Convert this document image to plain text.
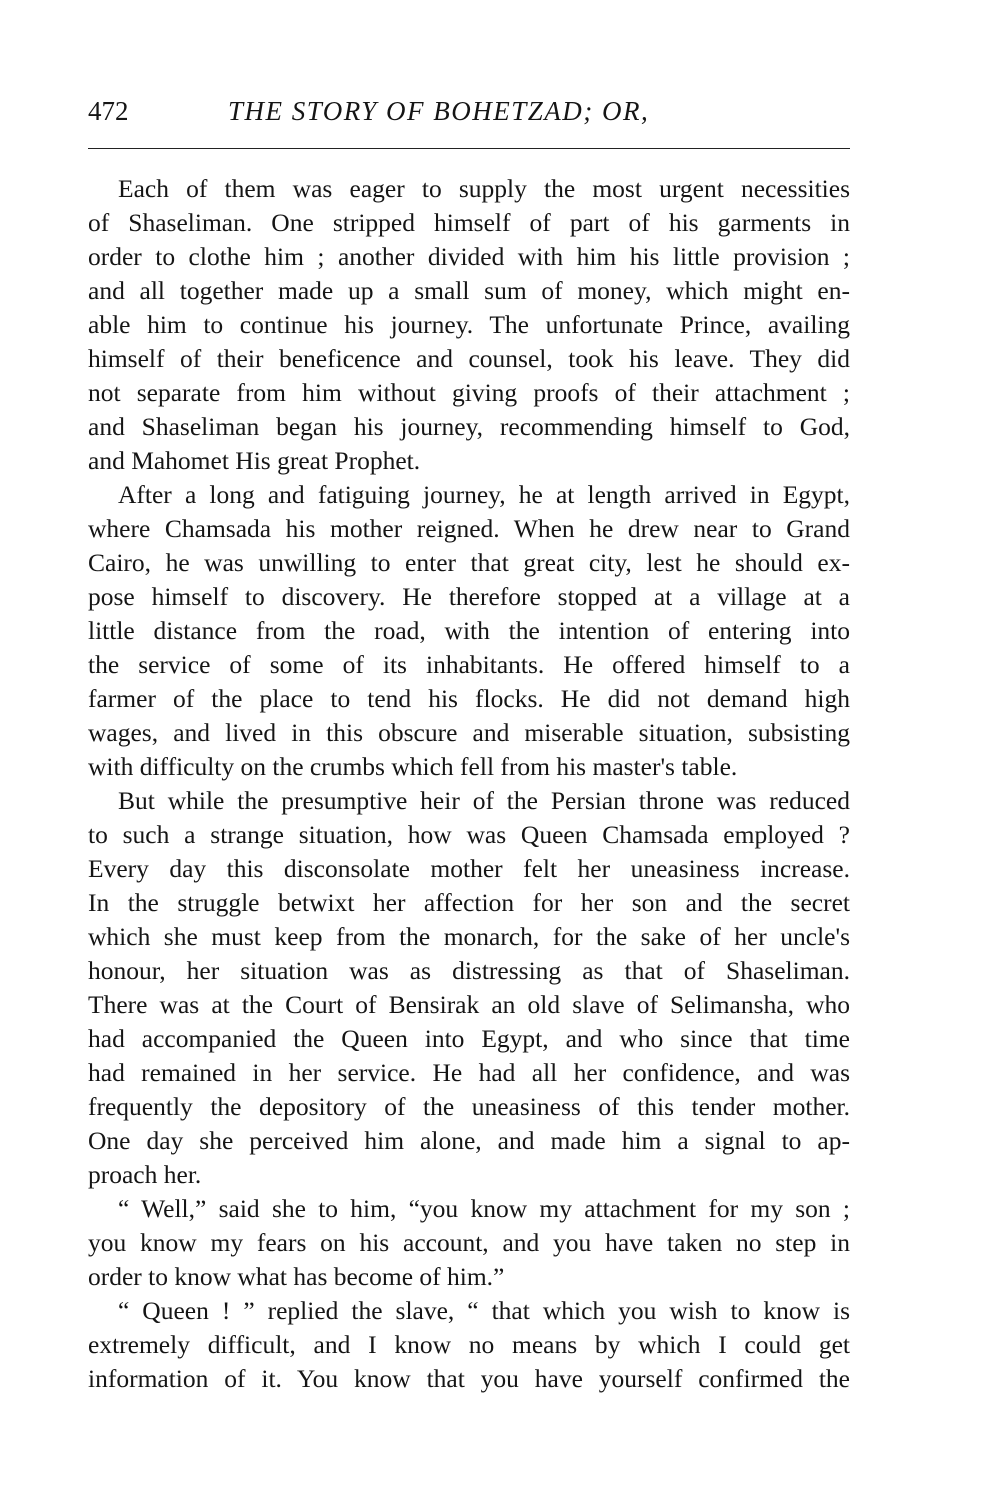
472	THE STORY OF BOHETZAD; OR,
Each of them was eager to supply the most urgent necessities
of Shaseliman. One stripped himself of part of his garments in
order to clothe him ; another divided with him his little provision ;
and all together made up a small sum of money, which might en-
able him to continue his journey. The unfortunate Prince, availing
himself of their beneficence and counsel, took his leave. They did
not separate from him without giving proofs of their attachment ;
and Shaseliman began his journey, recommending himself to God,
and Mahomet His great Prophet.
After a long and fatiguing journey, he at length arrived in Egypt,
where Chamsada his mother reigned. When he drew near to Grand
Cairo, he was unwilling to enter that great city, lest he should ex-
pose himself to discovery. He therefore stopped at a village at a
little distance from the road, with the intention of entering into
the service of some of its inhabitants. He offered himself to a
farmer of the place to tend his flocks. He did not demand high
wages, and lived in this obscure and miserable situation, subsisting
with difficulty on the crumbs which fell from his master's table.
But while the presumptive heir of the Persian throne was reduced
to such a strange situation, how was Queen Chamsada employed ?
Every day this disconsolate mother felt her uneasiness increase.
In the struggle betwixt her affection for her son and the secret
which she must keep from the monarch, for the sake of her uncle's
honour, her situation was as distressing as that of Shaseliman.
There was at the Court of Bensirak an old slave of Selimansha, who
had accompanied the Queen into Egypt, and who since that time
had remained in her service. He had all her confidence, and was
frequently the depository of the uneasiness of this tender mother.
One day she perceived him alone, and made him a signal to ap-
proach her.
“ Well,” said she to him, “you know my attachment for my son ;
you know my fears on his account, and you have taken no step in
order to know what has become of him.”
“ Queen ! ” replied the slave, “ that which you wish to know is
extremely difficult, and I know no means by which I could get
information of it. You know that you have yourself confirmed the
